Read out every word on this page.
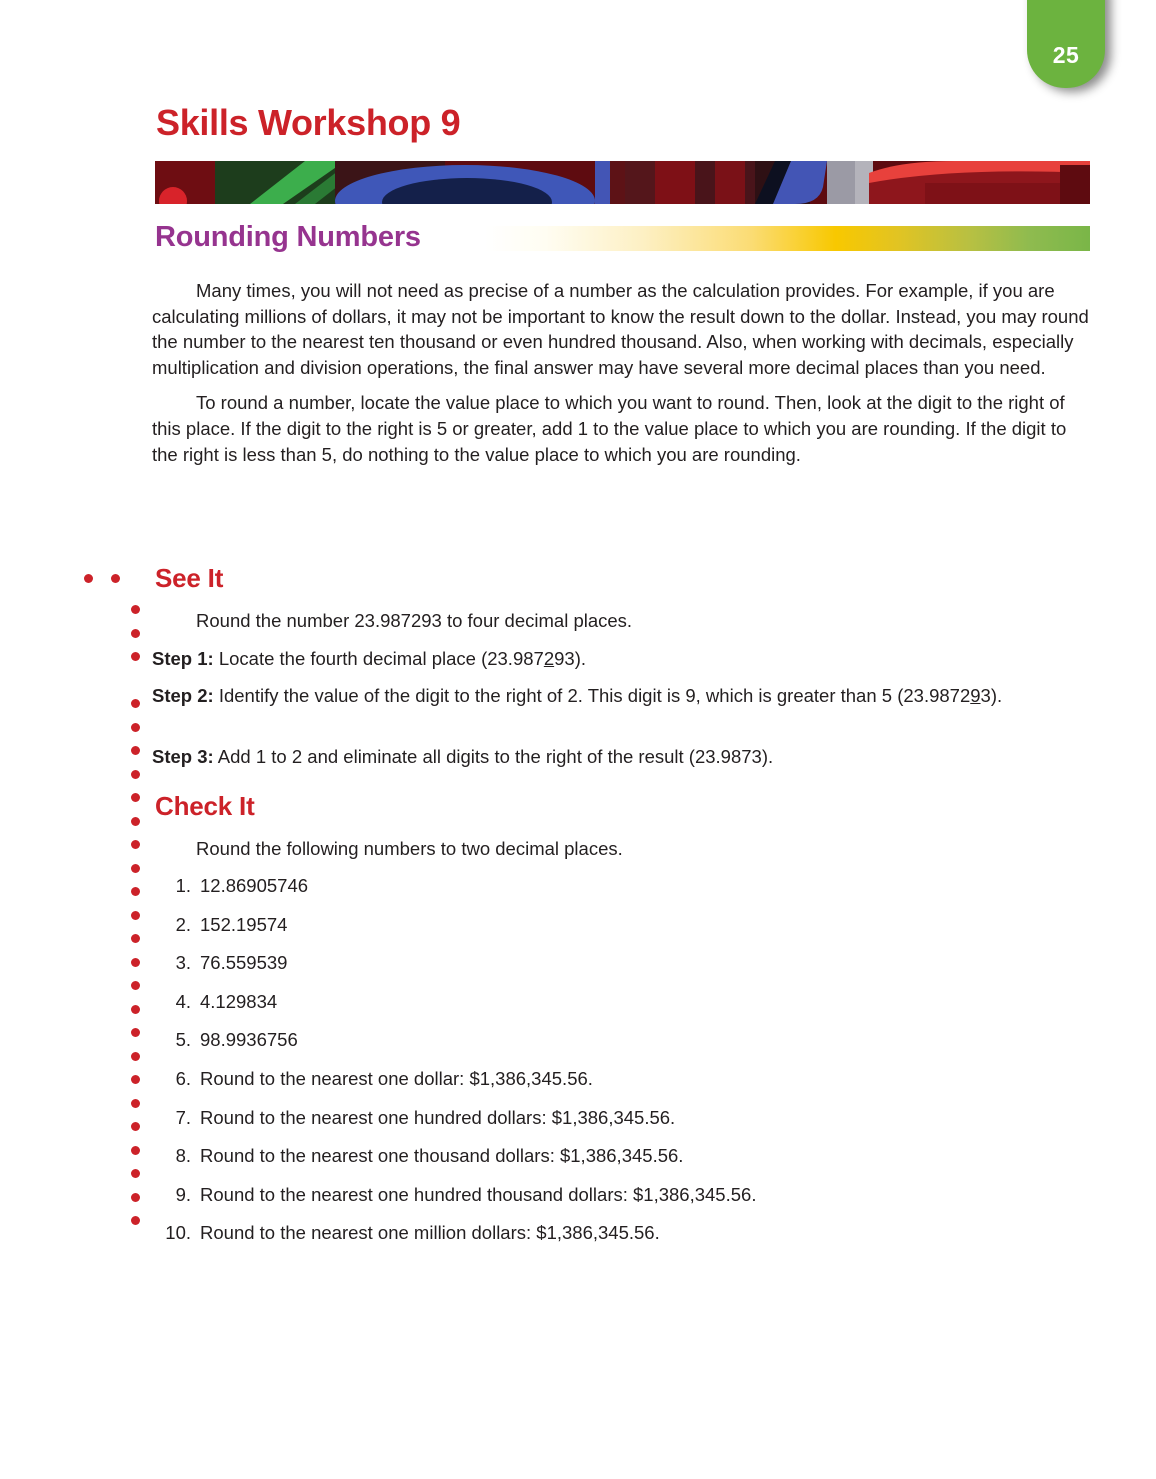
25
Skills Workshop 9
Rounding Numbers

Many times, you will not need as precise of a number as the calculation provides. For example, if you are calculating millions of dollars, it may not be important to know the result down to the dollar. Instead, you may round the number to the nearest ten thousand or even hundred thousand. Also, when working with decimals, especially multiplication and division operations, the final answer may have several more decimal places than you need.

To round a number, locate the value place to which you want to round. Then, look at the digit to the right of this place. If the digit to the right is 5 or greater, add 1 to the value place to which you are rounding. If the digit to the right is less than 5, do nothing to the value place to which you are rounding.

See It
Round the number 23.987293 to four decimal places.
Step 1: Locate the fourth decimal place (23.987293).
Step 2: Identify the value of the digit to the right of 2. This digit is 9, which is greater than 5 (23.987293).
Step 3: Add 1 to 2 and eliminate all digits to the right of the result (23.9873).
Check It
Round the following numbers to two decimal places.
1. 12.86905746
2. 152.19574
3. 76.559539
4. 4.129834
5. 98.9936756
6. Round to the nearest one dollar: $1,386,345.56.
7. Round to the nearest one hundred dollars: $1,386,345.56.
8. Round to the nearest one thousand dollars: $1,386,345.56.
9. Round to the nearest one hundred thousand dollars: $1,386,345.56.
10. Round to the nearest one million dollars: $1,386,345.56.
